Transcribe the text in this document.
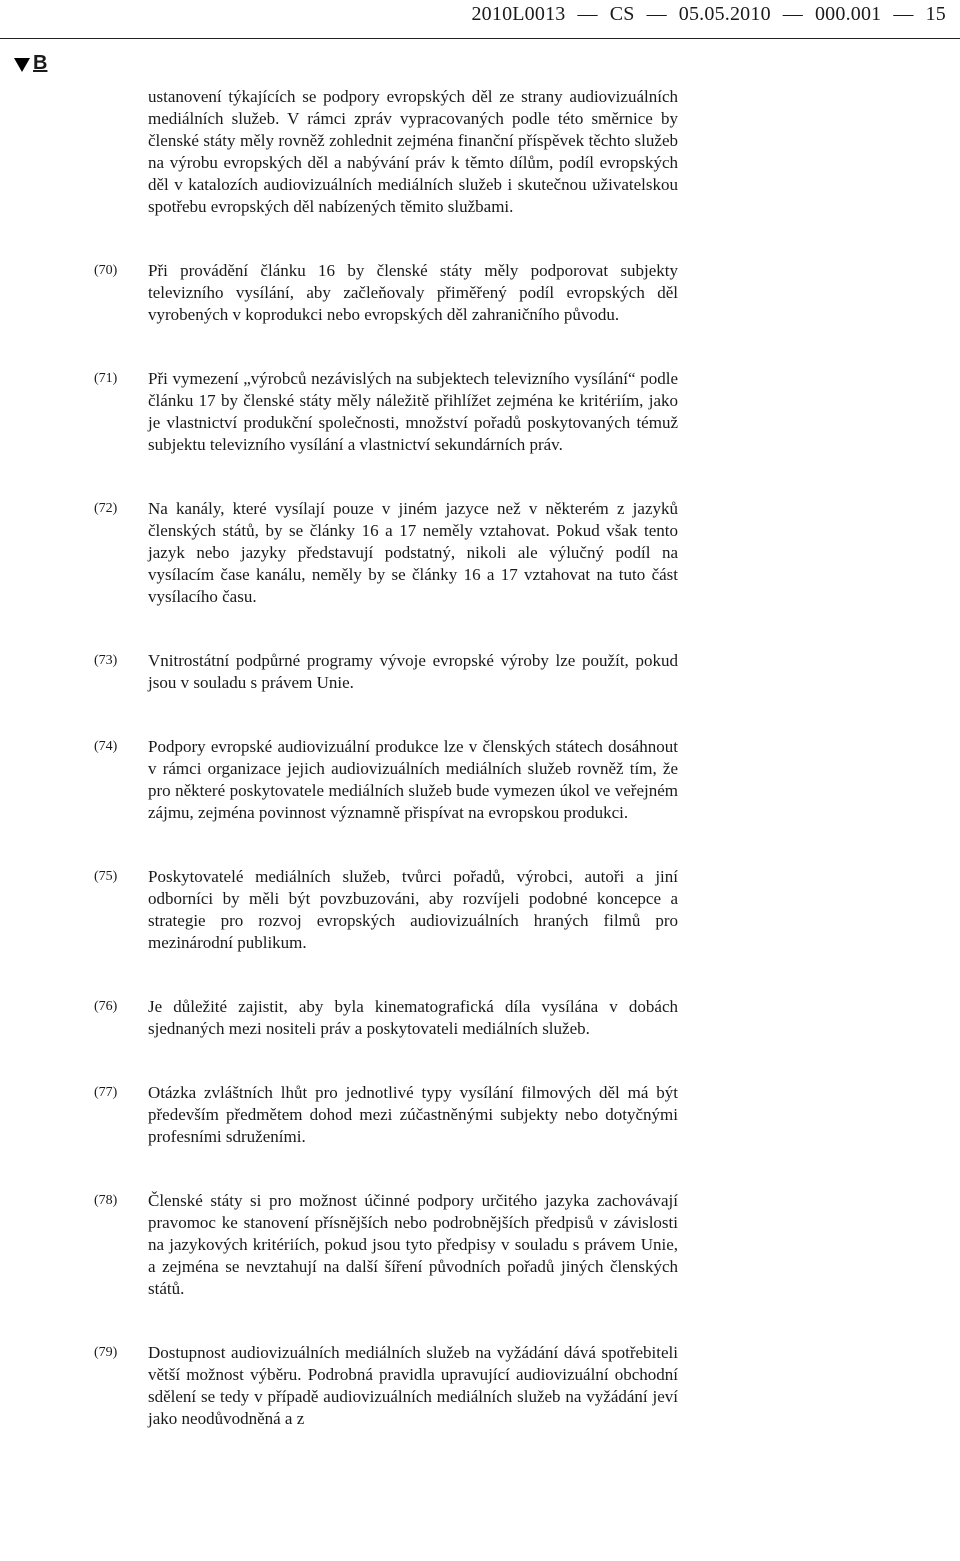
2010L0013 — CS — 05.05.2010 — 000.001 — 15
B
ustanovení týkajících se podpory evropských děl ze strany audiovizuálních mediálních služeb. V rámci zpráv vypracovaných podle této směrnice by členské státy měly rovněž zohlednit zejména finanční příspěvek těchto služeb na výrobu evropských děl a nabývání práv k těmto dílům, podíl evropských děl v katalozích audiovizuálních mediálních služeb i skutečnou uživatelskou spotřebu evropských děl nabízených těmito službami.
(70)	Při provádění článku 16 by členské státy měly podporovat subjekty televizního vysílání, aby začleňovaly přiměřený podíl evropských děl vyrobených v koprodukci nebo evropských děl zahraničního původu.
(71)	Při vymezení „výrobců nezávislých na subjektech televizního vysílání“ podle článku 17 by členské státy měly náležitě přihlížet zejména ke kritériím, jako je vlastnictví produkční společnosti, množství pořadů poskytovaných témuž subjektu televizního vysílání a vlastnictví sekundárních práv.
(72)	Na kanály, které vysílají pouze v jiném jazyce než v některém z jazyků členských států, by se články 16 a 17 neměly vztahovat. Pokud však tento jazyk nebo jazyky představují podstatný, nikoli ale výlučný podíl na vysílacím čase kanálu, neměly by se články 16 a 17 vztahovat na tuto část vysílacího času.
(73)	Vnitrostátní podpůrné programy vývoje evropské výroby lze použít, pokud jsou v souladu s právem Unie.
(74)	Podpory evropské audiovizuální produkce lze v členských státech dosáhnout v rámci organizace jejich audiovizuálních mediálních služeb rovněž tím, že pro některé poskytovatele mediálních služeb bude vymezen úkol ve veřejném zájmu, zejména povinnost významně přispívat na evropskou produkci.
(75)	Poskytovatelé mediálních služeb, tvůrci pořadů, výrobci, autoři a jiní odborníci by měli být povzbuzováni, aby rozvíjeli podobné koncepce a strategie pro rozvoj evropských audiovizuálních hraných filmů pro mezinárodní publikum.
(76)	Je důležité zajistit, aby byla kinematografická díla vysílána v dobách sjednaných mezi nositeli práv a poskytovateli mediálních služeb.
(77)	Otázka zvláštních lhůt pro jednotlivé typy vysílání filmových děl má být především předmětem dohod mezi zúčastněnými subjekty nebo dotyčnými profesními sdruženími.
(78)	Členské státy si pro možnost účinné podpory určitého jazyka zachovávají pravomoc ke stanovení přísnějších nebo podrobnějších předpisů v závislosti na jazykových kritériích, pokud jsou tyto předpisy v souladu s právem Unie, a zejména se nevztahují na další šíření původních pořadů jiných členských států.
(79)	Dostupnost audiovizuálních mediálních služeb na vyžádání dává spotřebiteli větší možnost výběru. Podrobná pravidla upravující audiovizuální obchodní sdělení se tedy v případě audiovizuálních mediálních služeb na vyžádání jeví jako neodůvodněná a z
